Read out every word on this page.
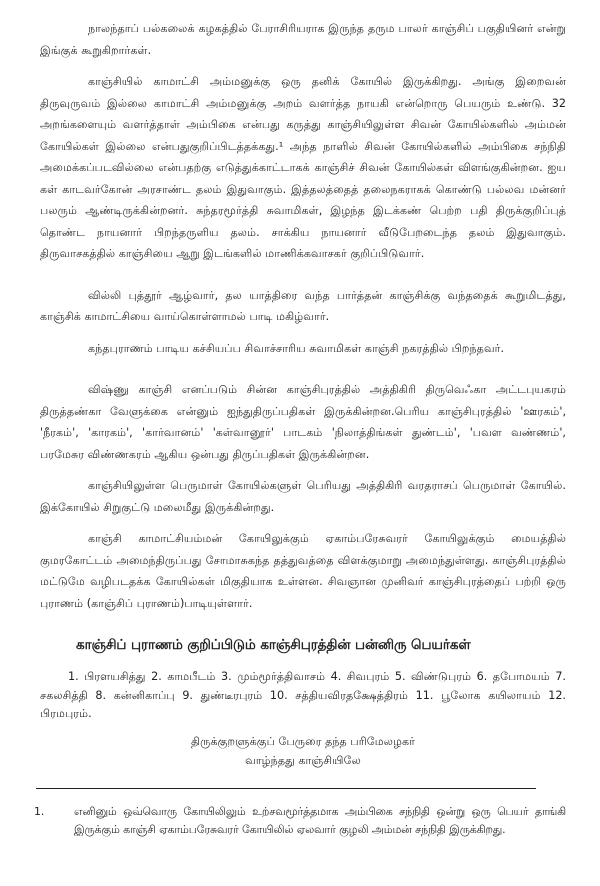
நாலந்தாப் பல்கலைக் கழகத்தில் பேராசிரியராக இருந்த தரும பாலர் காஞ்சிப் பகுதியினர் என்று இங்குக் கூறுகிறார்கள்.

காஞ்சியில் காமாட்சி அம்மனுக்கு ஒரு தனிக் கோயில் இருக்கிறது. அங்கு இறைவன் திருவுருவம் இல்லை காமாட்சி அம்மனுக்கு அறம் வளர்த்த நாயகி என்றொரு பெயரும் உண்டு. 32 அறங்களையும் வளர்த்தாள் அம்பிகை என்பது கருத்து காஞ்சியிலுள்ள சிவன் கோயில்களில் அம்மன் கோயில்கள் இல்லை என்பதுகுறிப்பிடத்தக்கது.¹ அந்த நாளில் சிவன் கோயில்களில் அம்பிகை சந்நிதி அமைக்கப்படவில்லை என்பதற்கு எடுத்துக்காட்டாகக் காஞ்சிச் சிவன் கோயில்கள் விளங்குகின்றன. ஐய கள் காடவர்கோன் அரசாண்ட தலம் இதுவாகும். இத்தலத்தைத் தலைநகராகக் கொண்டு பல்லவ மன்னர் பலரும் ஆண்டிருக்கின்றனர். சுந்தரமூர்த்தி சுவாமிகள், இழந்த இடக்கண் பெற்ற பதி திருக்குறிப்புத் தொண்ட நாயனார் பிறந்தருளிய தலம். சாக்கிய நாயனார் வீடுபேறடைந்த தலம் இதுவாகும். திருவாசகத்தில் காஞ்சியை ஆறு இடங்களில் மாணிக்கவாசகர் குறிப்பிடுவார்.

வில்லி புத்தூர் ஆழ்வார், தல யாத்திரை வந்த பார்த்தன் காஞ்சிக்கு வந்ததைக் கூறுமிடத்து, காஞ்சிக் காமாட்சியை வாய்கொள்ளாமல் பாடி மகிழ்வார்.

கந்தபுராணம் பாடிய கச்சியப்ப சிவாச்சாரிய சுவாமிகள் காஞ்சி நகரத்தில் பிறந்தவர்.

விஷ்ணு காஞ்சி எனப்படும் சின்ன காஞ்சிபுரத்தில் அத்திகிரி திருவெஃகா அட்டபுயகரம் திருத்தண்கா வேளுக்கை என்னும் ஐந்துதிருப்பதிகள் இருக்கின்றன.பெரிய காஞ்சிபுரத்தில் 'ஊரகம்', 'நீரகம்', 'காரகம்', 'கார்வானம்' 'கள்வானூர்' பாடகம் 'நிலாத்திங்கள் துண்டம்', 'பவள வண்ணம்', பரமேசுர விண்ணகரம் ஆகிய ஒன்பது திருப்பதிகள் இருக்கின்றன.

காஞ்சியிலுள்ள பெருமாள் கோயில்களுள் பெரியது அத்திகிரி வரதராசப் பெருமாள் கோயில். இக்கோயில் சிறுகுட்டு மலைமீது இருக்கின்றது.

காஞ்சி காமாட்சியம்மன் கோயிலுக்கும் ஏகாம்பரேசுவரர் கோயிலுக்கும் மையத்தில் குமரகோட்டம் அமைந்திருப்பது சோமாசுகந்த தத்துவத்தை விளக்குமாறு அமைந்துள்ளது. காஞ்சிபுரத்தில் மட்டுமே வழிபடதக்க கோயில்கள் மிகுதியாக உள்ளன. சிவஞான முனிவர் காஞ்சிபுரத்தைப் பற்றி ஒரு புராணம் (காஞ்சிப் புராணம்)பாடியுள்ளார்.

காஞ்சிப் புராணம் குறிப்பிடும் காஞ்சிபுரத்தின் பன்னிரு பெயர்கள்

1. பிரளயசித்து 2. காமபீடம் 3. மும்மூர்த்திவாசம் 4. சிவபுரம் 5. விண்டுபுரம் 6. தபோமயம் 7. சகலசித்தி 8. கன்னிகாப்பு 9. துண்டீரபுரம் 10. சத்தியவிரதக்ஷேத்திரம் 11. பூலோக கயிலாயம் 12. பிரமபுரம்.

திருக்குறளுக்குப் பேருரை தந்த பரிமேலழகர்
வாழ்ந்தது காஞ்சியிலே
1.	எனினும் ஒவ்வொரு கோயிலிலும் உற்சவமூர்த்தமாக அம்பிகை சந்நிதி ஒன்று ஒரு பெயர் தாங்கி இருக்கும் காஞ்சி ஏகாம்பரேசுவரர் கோயிலில் ஏலவார் குழலி அம்மன் சந்நிதி இருக்கிறது.
